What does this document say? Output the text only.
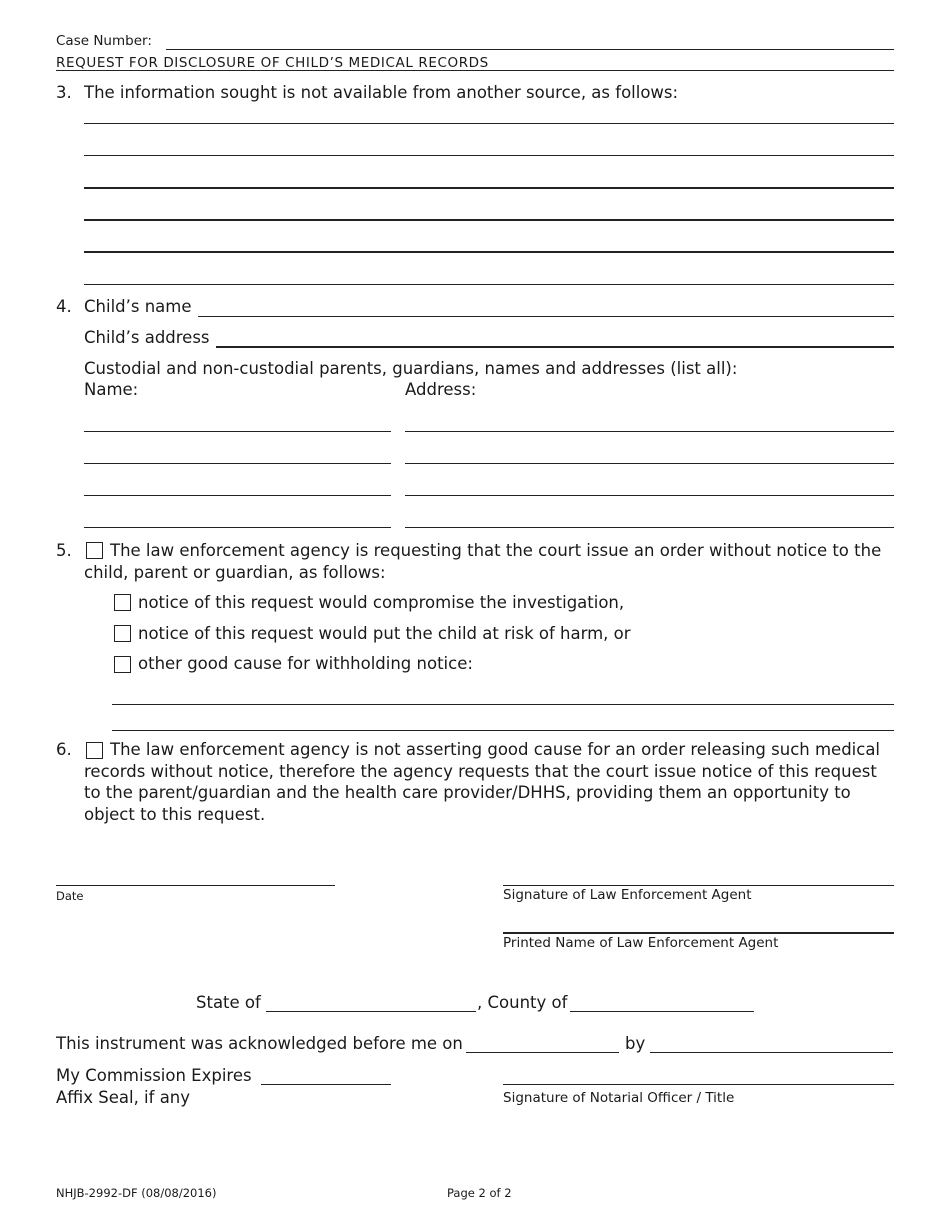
Case Number:
REQUEST FOR DISCLOSURE OF CHILD’S MEDICAL RECORDS
3. The information sought is not available from another source, as follows:
4. Child’s name
Child’s address
Custodial and non-custodial parents, guardians, names and addresses (list all):
Name:	Address:
5.	The law enforcement agency is requesting that the court issue an order without notice to the child, parent or guardian, as follows:
notice of this request would compromise the investigation,
notice of this request would put the child at risk of harm, or
other good cause for withholding notice:
6.	The law enforcement agency is not asserting good cause for an order releasing such medical records without notice, therefore the agency requests that the court issue notice of this request to the parent/guardian and the health care provider/DHHS, providing them an opportunity to object to this request.
Date	Signature of Law Enforcement Agent
Printed Name of Law Enforcement Agent
State of	, County of
This instrument was acknowledged before me on	by
My Commission Expires
Affix Seal, if any	Signature of Notarial Officer / Title
NHJB-2992-DF (08/08/2016)	Page 2 of 2
